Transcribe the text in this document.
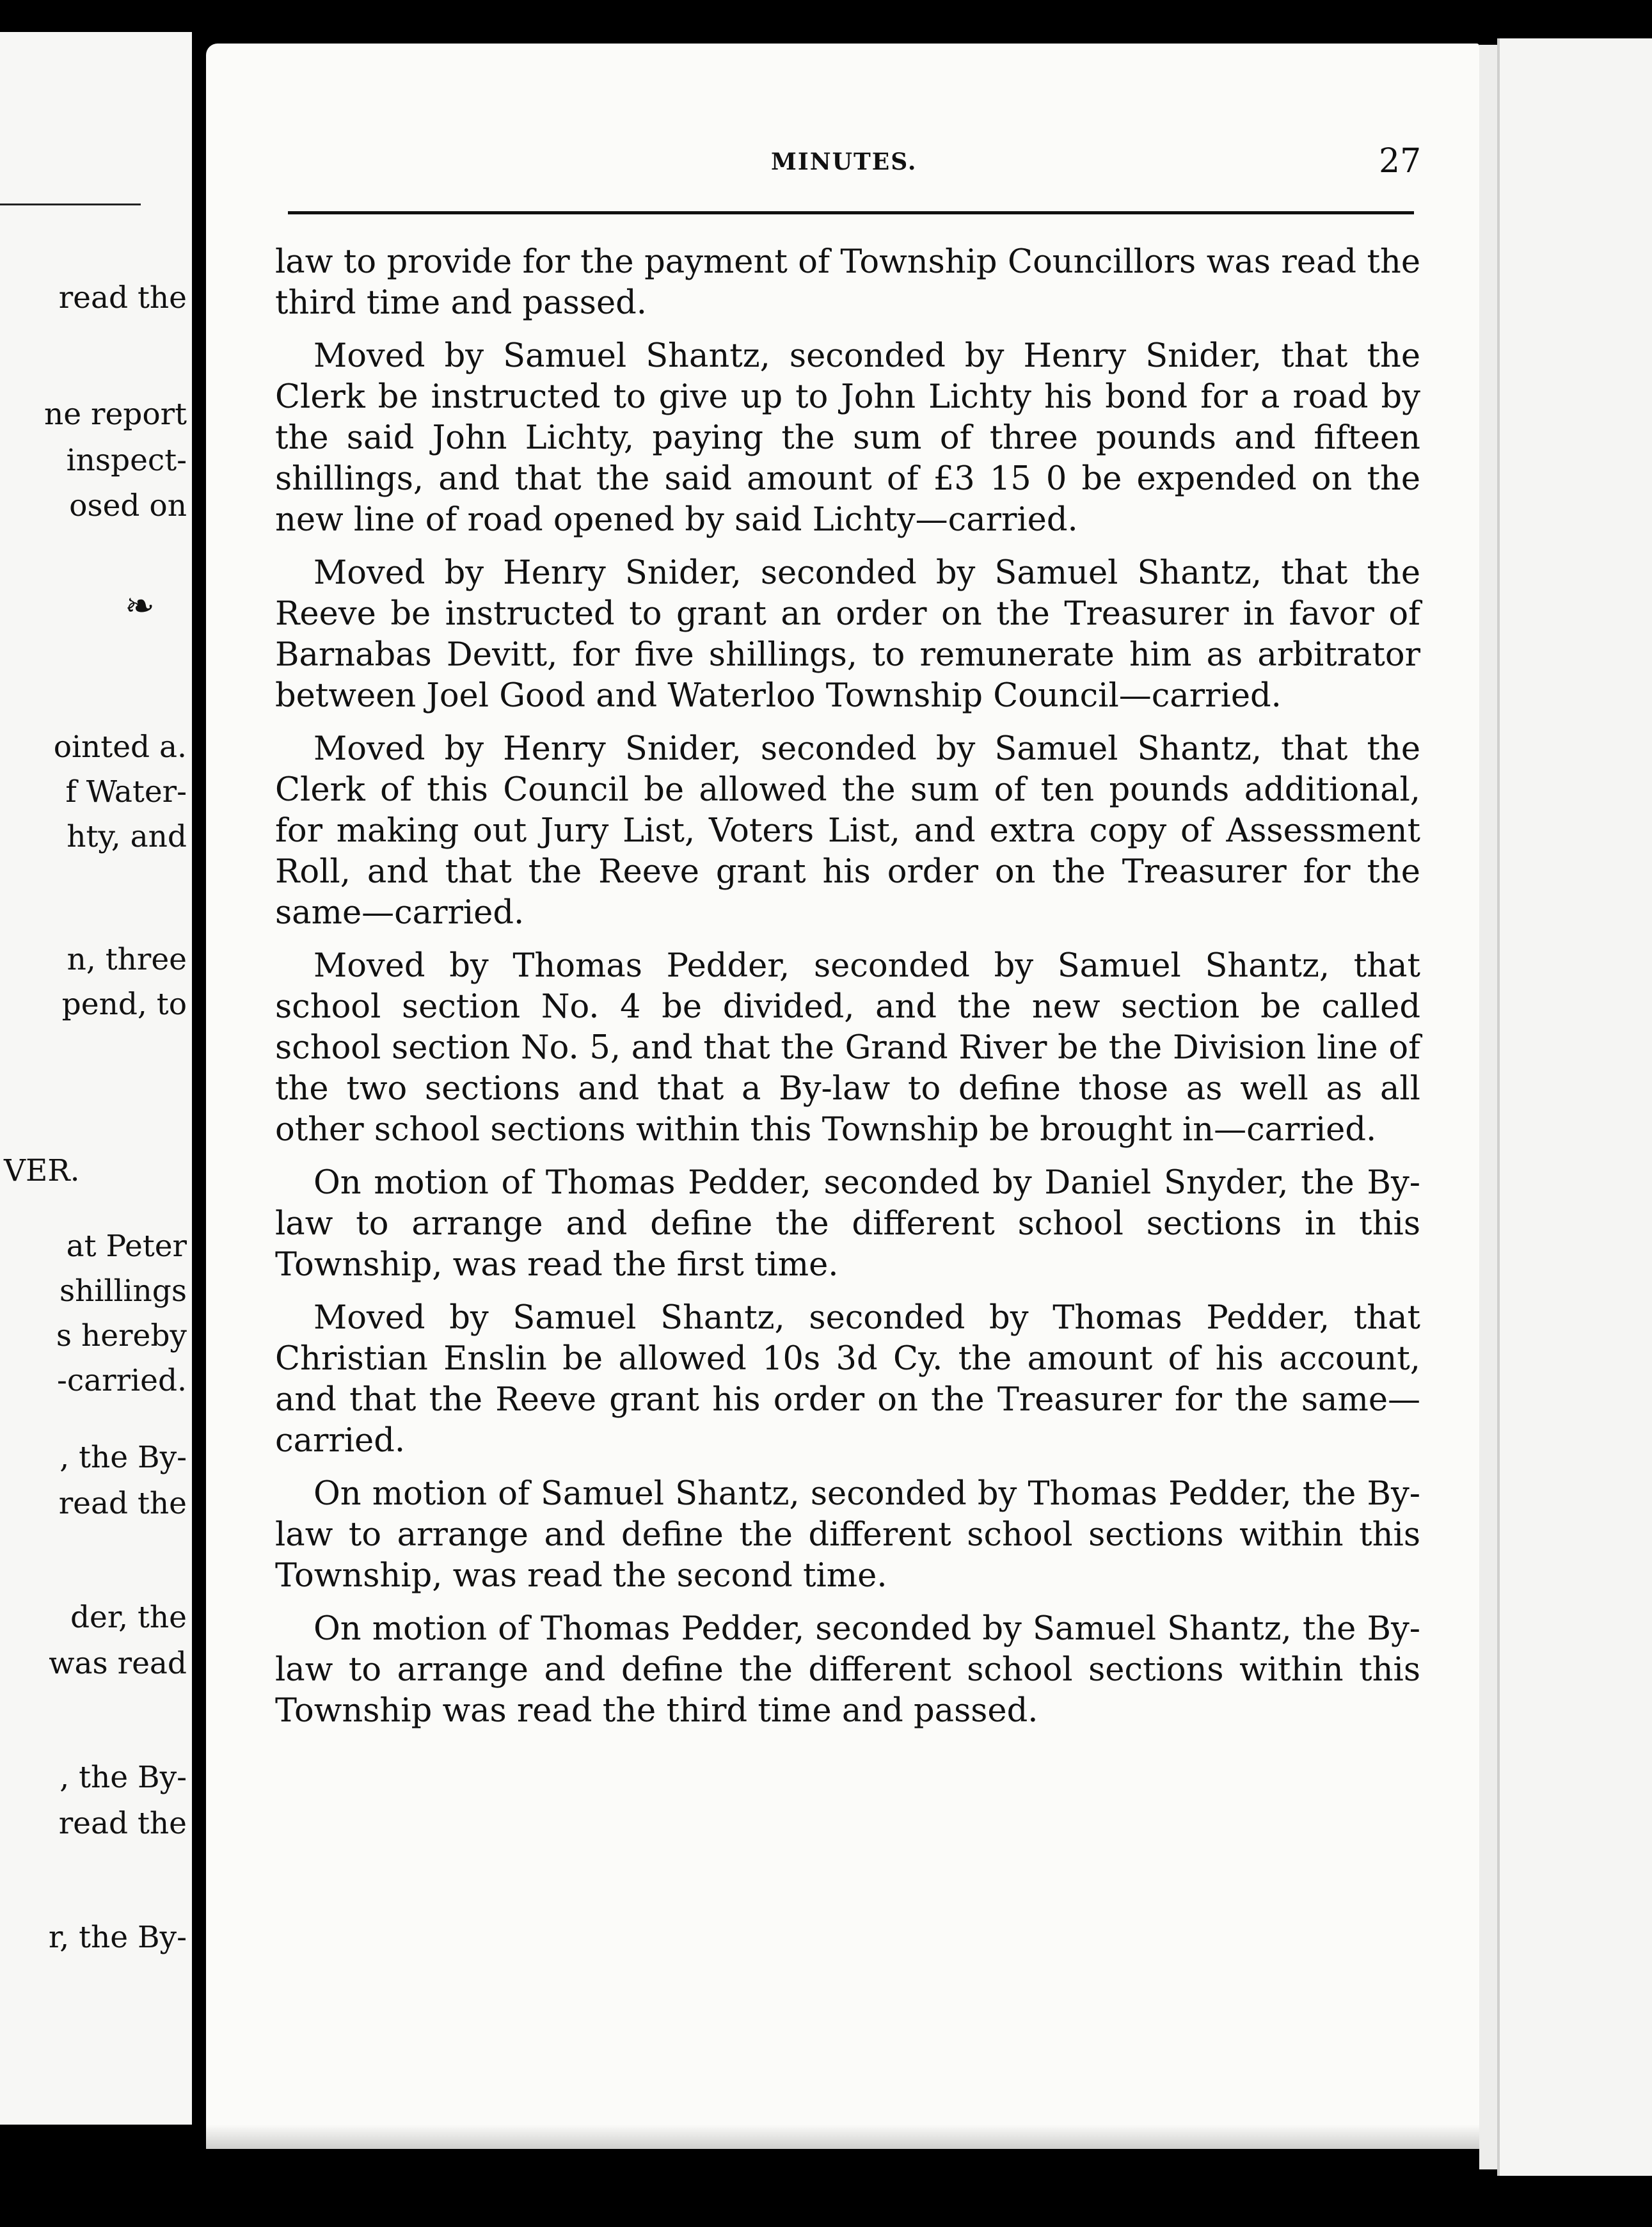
read the
ne report
inspect-
osed on
❧
ointed a.
f Water-
hty, and
n, three
pend, to
VER.
at Peter
shillings
s hereby
-carried.
, the By-
read the
der, the
was read
, the By-
read the
r, the By-
MINUTES.	27

law to provide for the payment of Township Councillors was read the third time and passed.

Moved by Samuel Shantz, seconded by Henry Snider, that the Clerk be instructed to give up to John Lichty his bond for a road by the said John Lichty, paying the sum of three pounds and fifteen shillings, and that the said amount of £3 15 0 be expended on the new line of road opened by said Lichty—carried.

Moved by Henry Snider, seconded by Samuel Shantz, that the Reeve be instructed to grant an order on the Treasurer in favor of Barnabas Devitt, for five shillings, to remunerate him as arbitrator between Joel Good and Waterloo Township Council—carried.

Moved by Henry Snider, seconded by Samuel Shantz, that the Clerk of this Council be allowed the sum of ten pounds additional, for making out Jury List, Voters List, and extra copy of Assessment Roll, and that the Reeve grant his order on the Treasurer for the same—carried.

Moved by Thomas Pedder, seconded by Samuel Shantz, that school section No. 4 be divided, and the new section be called school section No. 5, and that the Grand River be the Division line of the two sections and that a By-law to define those as well as all other school sections within this Township be brought in—carried.

On motion of Thomas Pedder, seconded by Daniel Snyder, the By-law to arrange and define the different school sections in this Township, was read the first time.

Moved by Samuel Shantz, seconded by Thomas Pedder, that Christian Enslin be allowed 10s 3d Cy. the amount of his account, and that the Reeve grant his order on the Treasurer for the same—carried.

On motion of Samuel Shantz, seconded by Thomas Pedder, the By-law to arrange and define the different school sections within this Township, was read the second time.

On motion of Thomas Pedder, seconded by Samuel Shantz, the By-law to arrange and define the different school sections within this Township was read the third time and passed.
